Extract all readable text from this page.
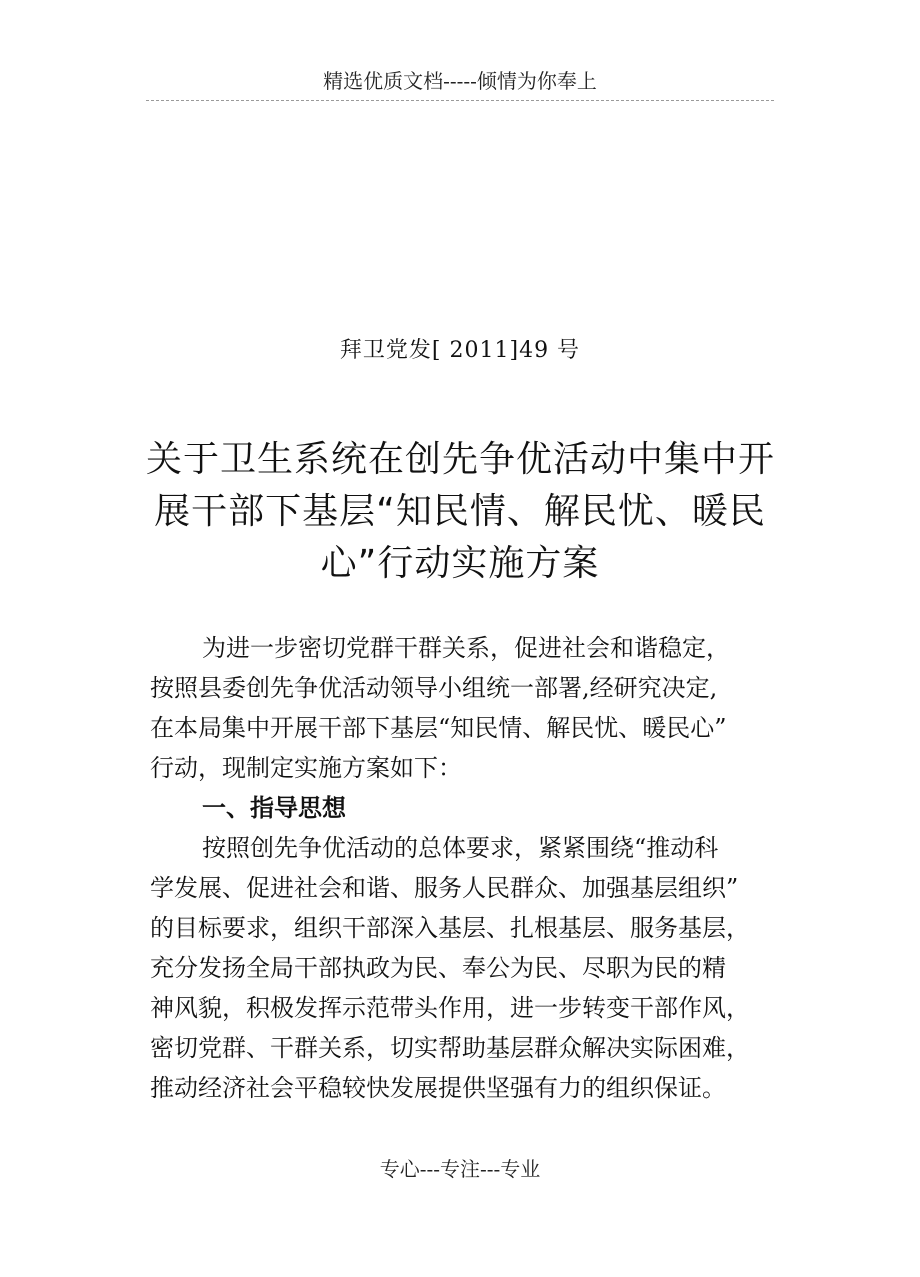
精选优质文档-----倾情为你奉上
拜卫党发[ 2011]49 号
关于卫生系统在创先争优活动中集中开
展干部下基层“知民情、解民忧、暖民
心”行动实施方案

为进一步密切党群干群关系，促进社会和谐稳定，
按照县委创先争优活动领导小组统一部署,经研究决定,
在本局集中开展干部下基层“知民情、解民忧、暖民心”
行动，现制定实施方案如下：

一、指导思想

按照创先争优活动的总体要求，紧紧围绕“推动科
学发展、促进社会和谐、服务人民群众、加强基层组织”
的目标要求，组织干部深入基层、扎根基层、服务基层，
充分发扬全局干部执政为民、奉公为民、尽职为民的精
神风貌，积极发挥示范带头作用，进一步转变干部作风，
密切党群、干群关系，切实帮助基层群众解决实际困难，
推动经济社会平稳较快发展提供坚强有力的组织保证。

专心---专注---专业
